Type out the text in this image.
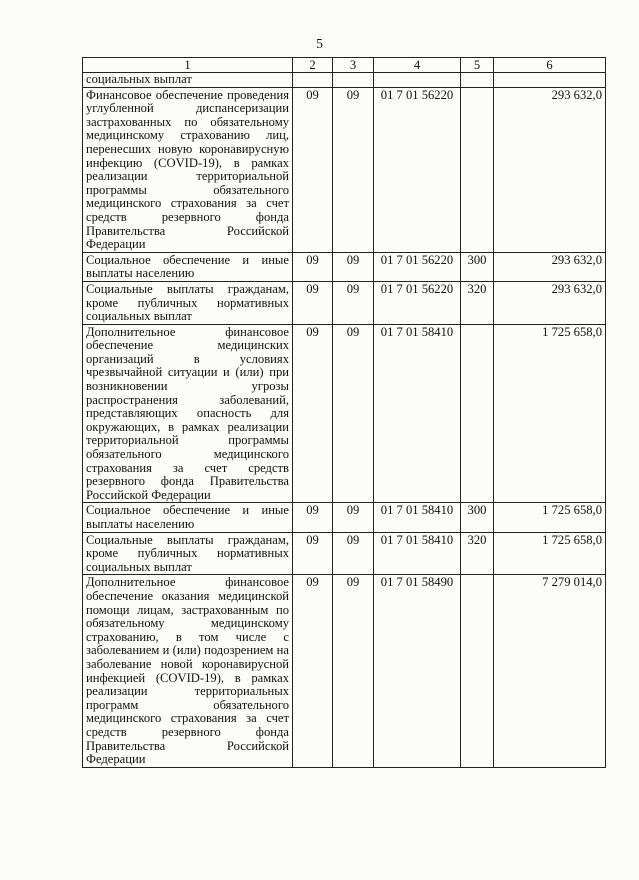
5
1	2	3	4	5	6
социальных выплат					
Финансовое обеспечение проведения углубленной диспансеризации застрахованных по обязательному медицинскому страхованию лиц, перенесших новую коронавирусную инфекцию (COVID-19), в рамках реализации территориальной программы обязательного медицинского страхования за счет средств резервного фонда Правительства Российской Федерации	09	09	01 7 01 56220		293 632,0
Социальное обеспечение и иные выплаты населению	09	09	01 7 01 56220	300	293 632,0
Социальные выплаты гражданам, кроме публичных нормативных социальных выплат	09	09	01 7 01 56220	320	293 632,0
Дополнительное финансовое обеспечение медицинских организаций в условиях чрезвычайной ситуации и (или) при возникновении угрозы распространения заболеваний, представляющих опасность для окружающих, в рамках реализации территориальной программы обязательного медицинского страхования за счет средств резервного фонда Правительства Российской Федерации	09	09	01 7 01 58410		1 725 658,0
Социальное обеспечение и иные выплаты населению	09	09	01 7 01 58410	300	1 725 658,0
Социальные выплаты гражданам, кроме публичных нормативных социальных выплат	09	09	01 7 01 58410	320	1 725 658,0
Дополнительное финансовое обеспечение оказания медицинской помощи лицам, застрахованным по обязательному медицинскому страхованию, в том числе с заболеванием и (или) подозрением на заболевание новой коронавирусной инфекцией (COVID-19), в рамках реализации территориальных программ обязательного медицинского страхования за счет средств резервного фонда Правительства Российской Федерации	09	09	01 7 01 58490		7 279 014,0
